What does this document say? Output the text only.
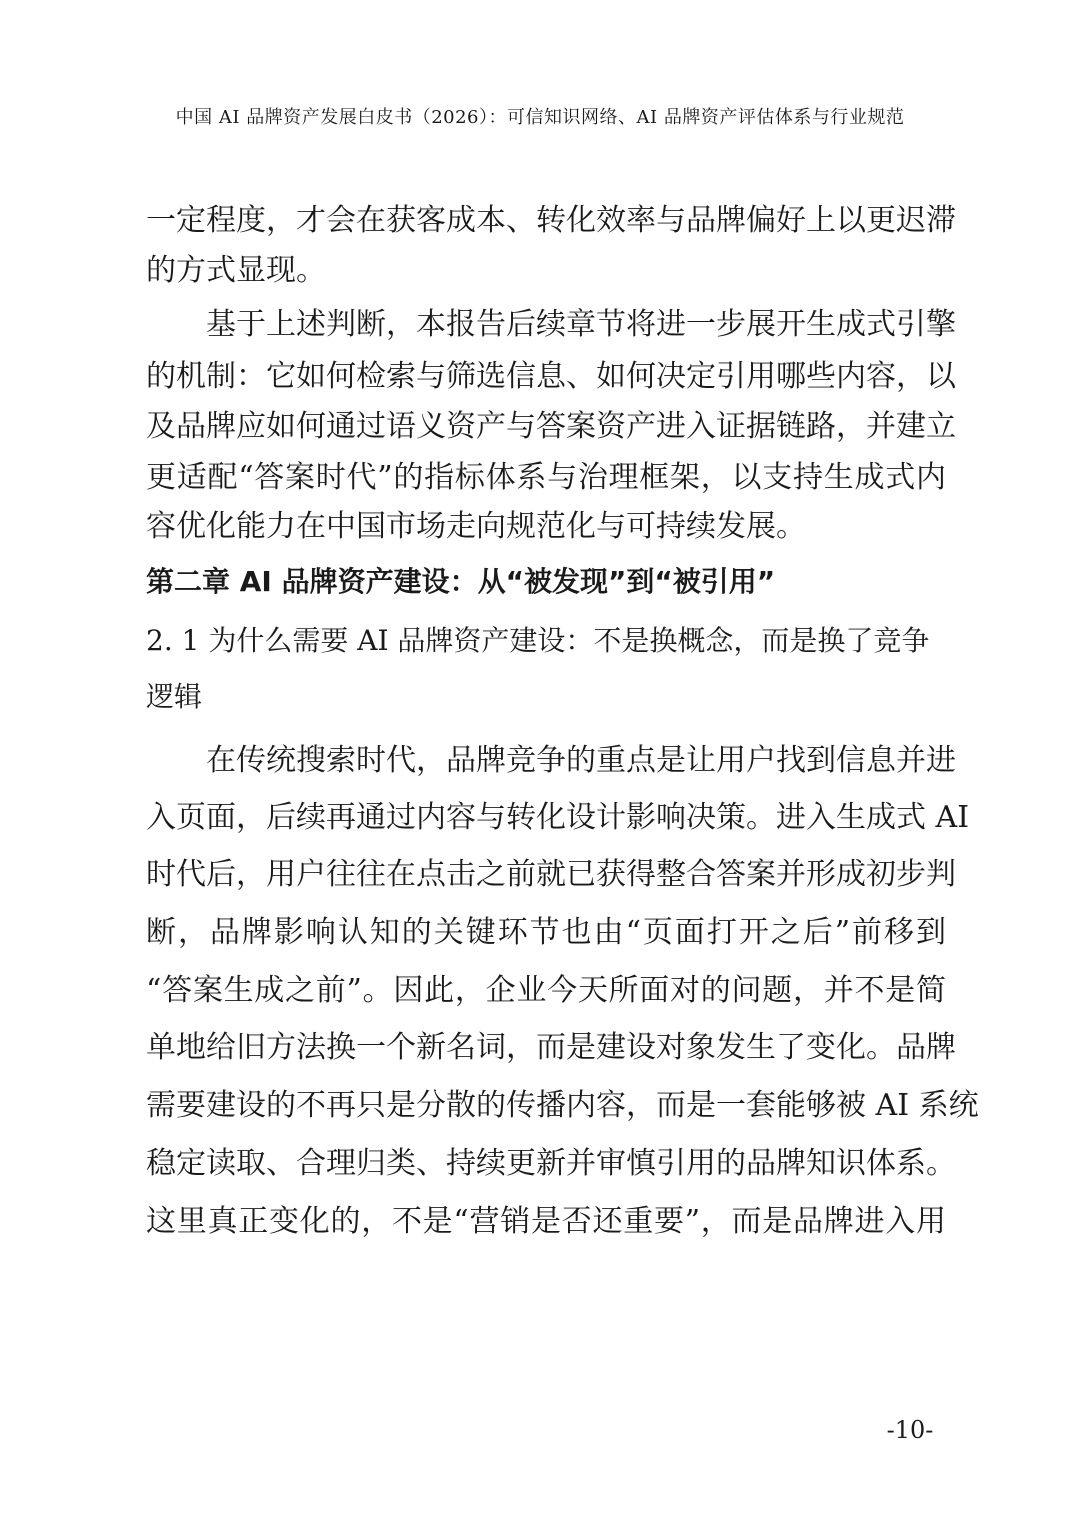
中国 AI 品牌资产发展白皮书（2026）：可信知识网络、AI 品牌资产评估体系与行业规范
一定程度，才会在获客成本、转化效率与品牌偏好上以更迟滞
的方式显现。
　　基于上述判断，本报告后续章节将进一步展开生成式引擎
的机制：它如何检索与筛选信息、如何决定引用哪些内容，以
及品牌应如何通过语义资产与答案资产进入证据链路，并建立
更适配“答案时代”的指标体系与治理框架，以支持生成式内
容优化能力在中国市场走向规范化与可持续发展。
第二章 AI 品牌资产建设：从“被发现”到“被引用”
2. 1 为什么需要 AI 品牌资产建设：不是换概念，而是换了竞争
逻辑
　　在传统搜索时代，品牌竞争的重点是让用户找到信息并进
入页面，后续再通过内容与转化设计影响决策。进入生成式 AI
时代后，用户往往在点击之前就已获得整合答案并形成初步判
断，品牌影响认知的关键环节也由“页面打开之后”前移到
“答案生成之前”。因此，企业今天所面对的问题，并不是简
单地给旧方法换一个新名词，而是建设对象发生了变化。品牌
需要建设的不再只是分散的传播内容，而是一套能够被 AI 系统
稳定读取、合理归类、持续更新并审慎引用的品牌知识体系。
这里真正变化的，不是“营销是否还重要”，而是品牌进入用
-10-
